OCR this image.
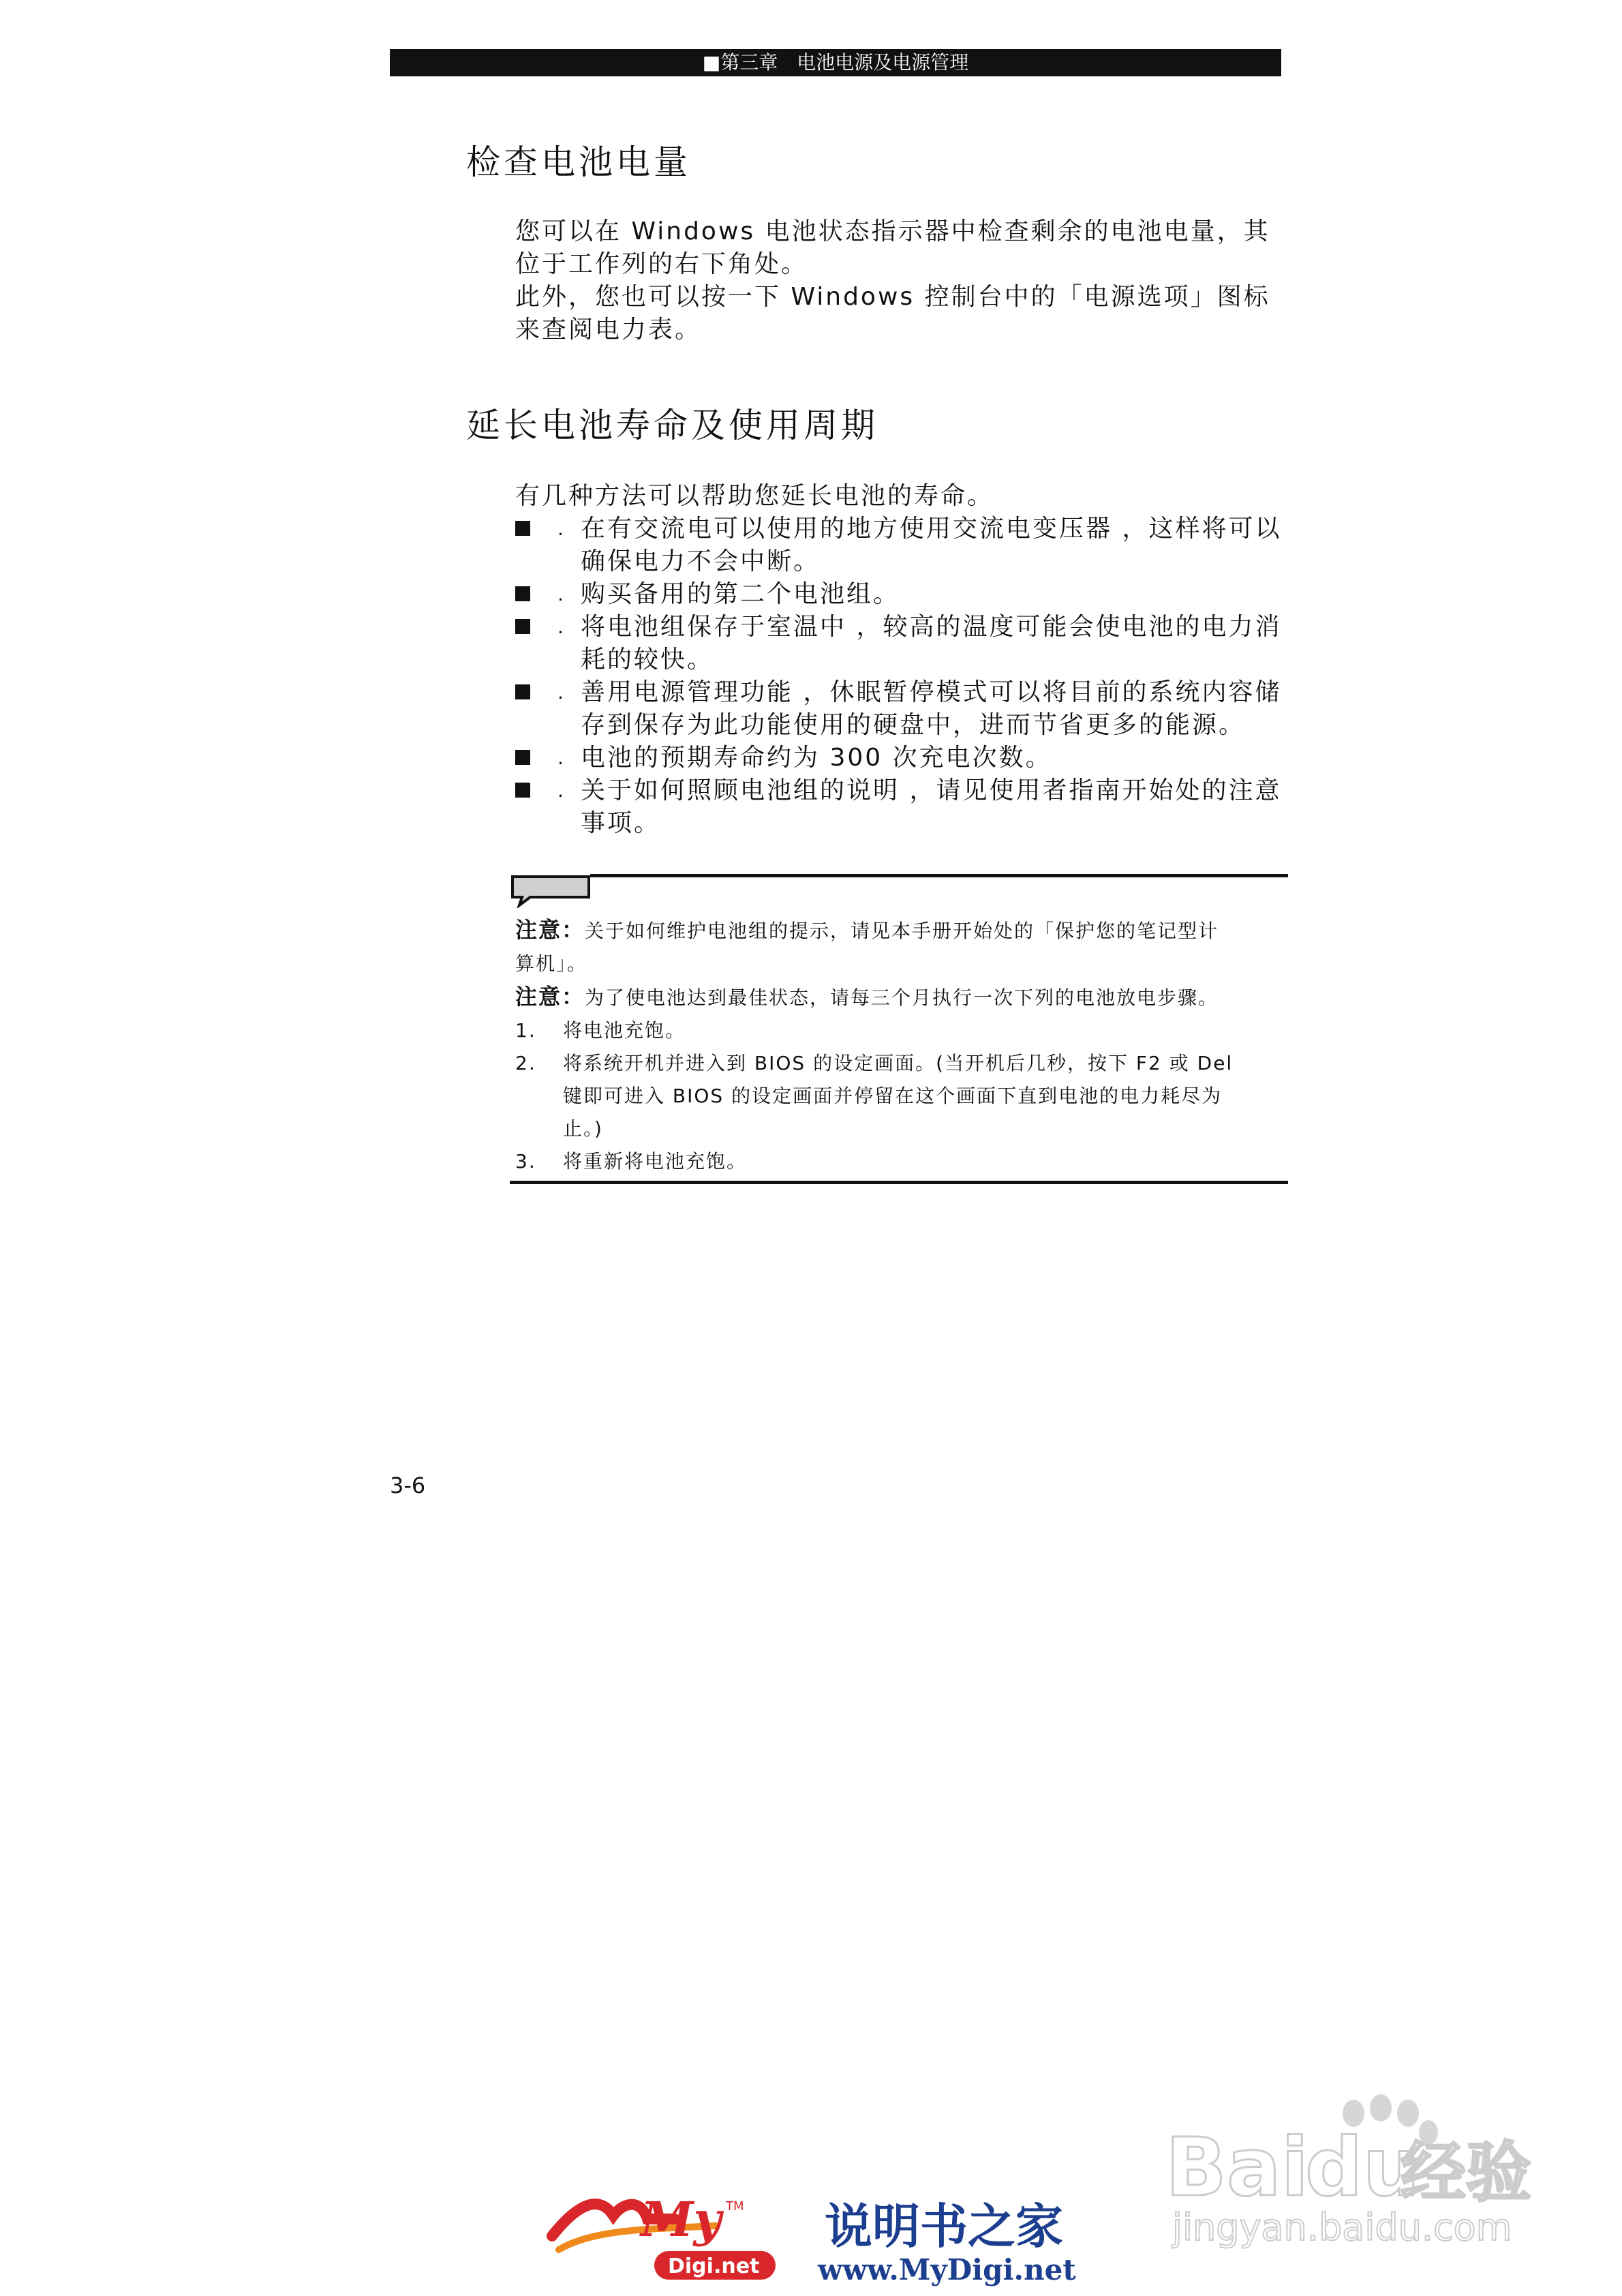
■第三章　电池电源及电源管理
检查电池电量

您可以在 Windows 电池状态指示器中检查剩余的电池电量，其

位于工作列的右下角处。

此外，您也可以按一下 Windows 控制台中的「电源选项」图标

来查阅电力表。

延长电池寿命及使用周期

有几种方法可以帮助您延长电池的寿命。

. 在有交流电可以使用的地方使用交流电变压器 ，这样将可以
确保电力不会中断。
. 购买备用的第二个电池组。
. 将电池组保存于室温中 ，较高的温度可能会使电池的电力消
耗的较快。
. 善用电源管理功能 ，休眠暂停模式可以将目前的系统内容储
存到保存为此功能使用的硬盘中，进而节省更多的能源。
. 电池的预期寿命约为 300 次充电次数。
. 关于如何照顾电池组的说明 ，请见使用者指南开始处的注意
事项。

注意：关于如何维护电池组的提示，请见本手册开始处的「保护您的笔记型计

算机」。

注意：为了使电池达到最佳状态，请每三个月执行一次下列的电池放电步骤。

1. 将电池充饱。
2. 将系统开机并进入到 BIOS 的设定画面。(当开机后几秒，按下 F2 或 Del
键即可进入 BIOS 的设定画面并停留在这个画面下直到电池的电力耗尽为
止。)
3. 将重新将电池充饱。
3-6
Bai
du
经验
jingyan.baidu.com
My TM
Digi.net
说明书之家
www.MyDigi.net
